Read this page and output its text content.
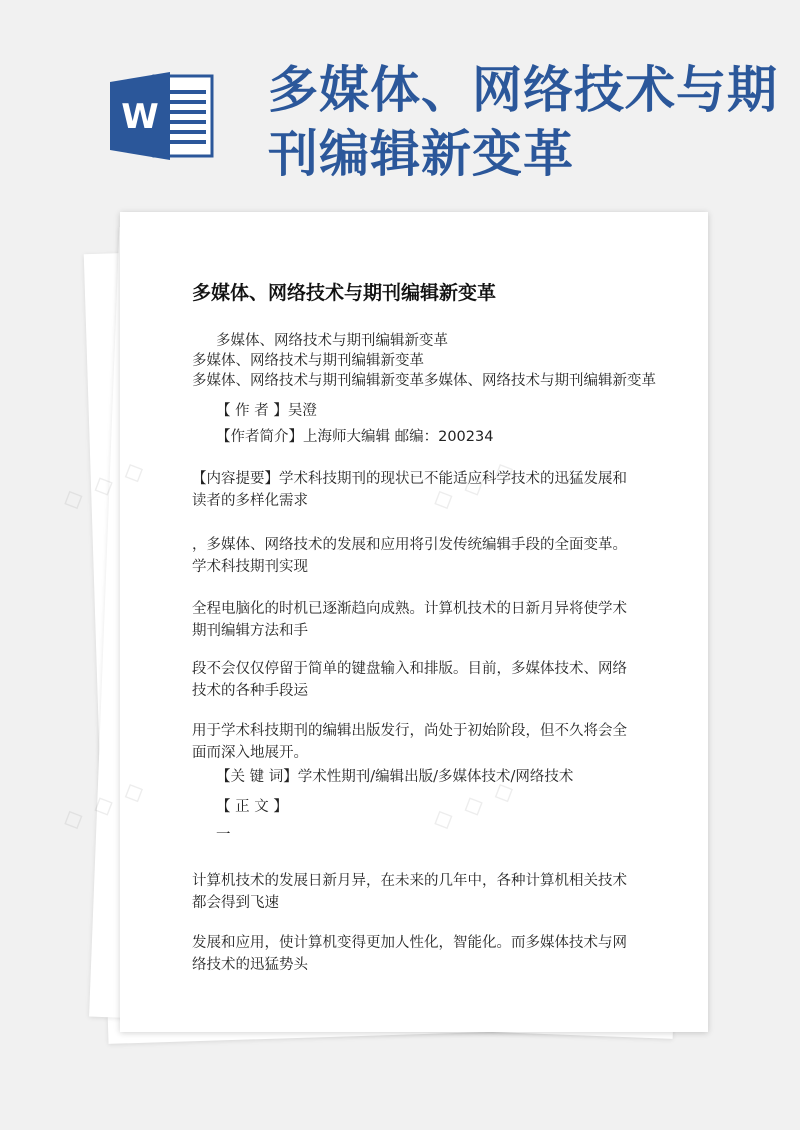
W 多媒体、网络技术与期
刊编辑新变革
多媒体、网络技术与期刊编辑新变革
多媒体、网络技术与期刊编辑新变革
多媒体、网络技术与期刊编辑新变革
多媒体、网络技术与期刊编辑新变革多媒体、网络技术与期刊编辑新变革
【 作 者 】吴澄
【作者简介】上海师大编辑 邮编：200234
【内容提要】学术科技期刊的现状已不能适应科学技术的迅猛发展和读者的多样化需求
，多媒体、网络技术的发展和应用将引发传统编辑手段的全面变革。学术科技期刊实现
全程电脑化的时机已逐渐趋向成熟。计算机技术的日新月异将使学术期刊编辑方法和手
段不会仅仅停留于简单的键盘输入和排版。目前，多媒体技术、网络技术的各种手段运
用于学术科技期刊的编辑出版发行，尚处于初始阶段，但不久将会全面而深入地展开。
【关 键 词】学术性期刊/编辑出版/多媒体技术/网络技术
【 正 文 】
一
计算机技术的发展日新月异，在未来的几年中，各种计算机相关技术都会得到飞速
发展和应用，使计算机变得更加人性化，智能化。而多媒体技术与网络技术的迅猛势头
◇
◇
